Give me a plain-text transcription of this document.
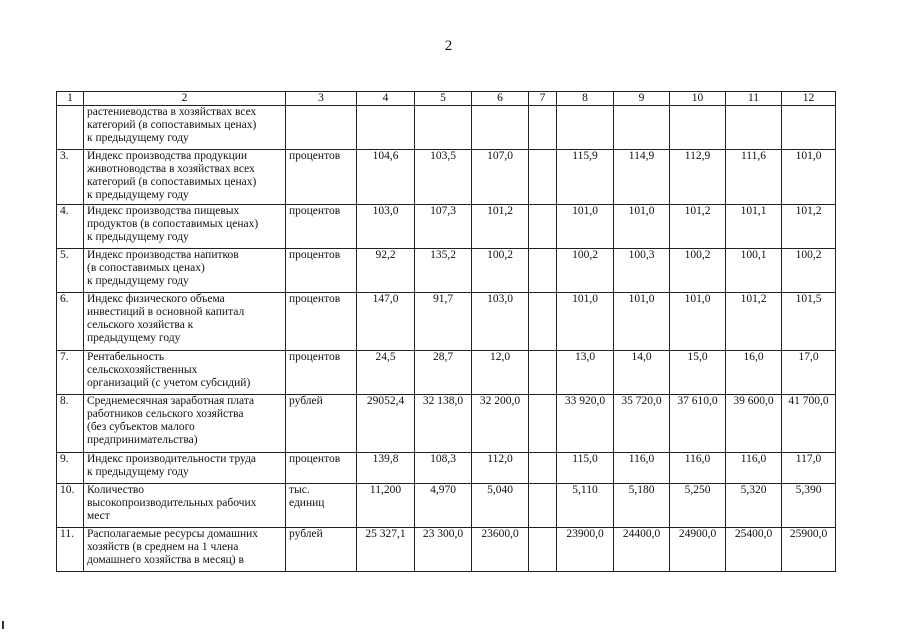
2
1	2	3	4	5	6	7	8	9	10	11	12

	растениеводства в хозяйствах всех
категорий (в сопоставимых ценах)
к предыдущему году										

3.	Индекс производства продукции
животноводства в хозяйствах всех
категорий (в сопоставимых ценах)
к предыдущему году	процентов	104,6	103,5	107,0		115,9	114,9	112,9	111,6	101,0
4.	Индекс производства пищевых
продуктов (в сопоставимых ценах)
к предыдущему году	процентов	103,0	107,3	101,2		101,0	101,0	101,2	101,1	101,2
5.	Индекс производства напитков
(в сопоставимых ценах)
к предыдущему году	процентов	92,2	135,2	100,2		100,2	100,3	100,2	100,1	100,2
6.	Индекс физического объема
инвестиций в основной капитал
сельского хозяйства к
предыдущему году	процентов	147,0	91,7	103,0		101,0	101,0	101,0	101,2	101,5
7.	Рентабельность
сельскохозяйственных
организаций (с учетом субсидий)	процентов	24,5	28,7	12,0		13,0	14,0	15,0	16,0	17,0
8.	Среднемесячная заработная плата
работников сельского хозяйства
(без субъектов малого
предпринимательства)	рублей	29052,4	32 138,0	32 200,0		33 920,0	35 720,0	37 610,0	39 600,0	41 700,0
9.	Индекс производительности труда
к предыдущему году	процентов	139,8	108,3	112,0		115,0	116,0	116,0	116,0	117,0
10.	Количество
высокопроизводительных рабочих
мест	тыс.
единиц	11,200	4,970	5,040		5,110	5,180	5,250	5,320	5,390
11.	Располагаемые ресурсы домашних
хозяйств (в среднем на 1 члена
домашнего хозяйства в месяц) в	рублей	25 327,1	23 300,0	23600,0		23900,0	24400,0	24900,0	25400,0	25900,0
